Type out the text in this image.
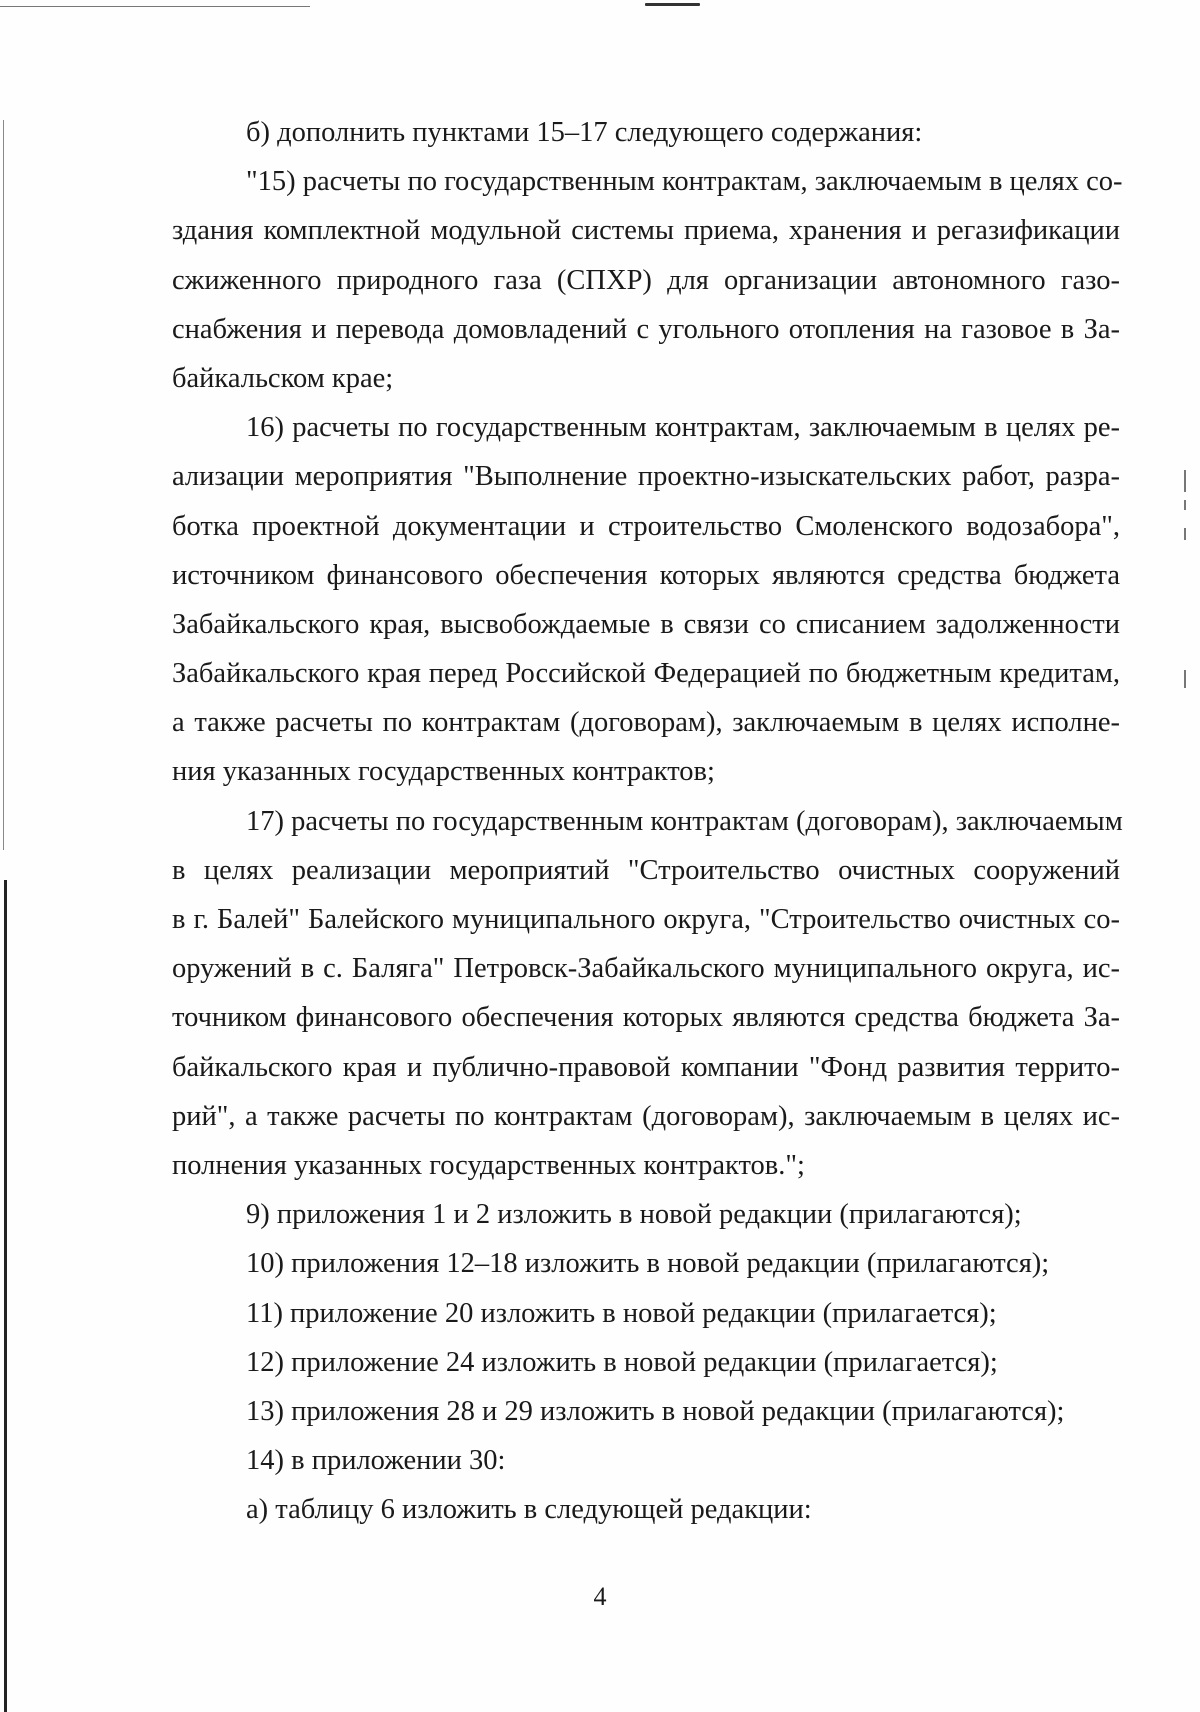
б) дополнить пунктами 15–17 следующего содержания:
"15) расчеты по государственным контрактам, заключаемым в целях со-
здания комплектной модульной системы приема, хранения и регазификации
сжиженного природного газа (СПХР) для организации автономного газо-
снабжения и перевода домовладений с угольного отопления на газовое в За-
байкальском крае;
16) расчеты по государственным контрактам, заключаемым в целях ре-
ализации мероприятия "Выполнение проектно-изыскательских работ, разра-
ботка проектной документации и строительство Смоленского водозабора",
источником финансового обеспечения которых являются средства бюджета
Забайкальского края, высвобождаемые в связи со списанием задолженности
Забайкальского края перед Российской Федерацией по бюджетным кредитам,
а также расчеты по контрактам (договорам), заключаемым в целях исполне-
ния указанных государственных контрактов;
17) расчеты по государственным контрактам (договорам), заключаемым
в целях реализации мероприятий "Строительство очистных сооружений
в г. Балей" Балейского муниципального округа, "Строительство очистных со-
оружений в с. Баляга" Петровск-Забайкальского муниципального округа, ис-
точником финансового обеспечения которых являются средства бюджета За-
байкальского края и публично-правовой компании "Фонд развития террито-
рий", а также расчеты по контрактам (договорам), заключаемым в целях ис-
полнения указанных государственных контрактов.";
9) приложения 1 и 2 изложить в новой редакции (прилагаются);
10) приложения 12–18 изложить в новой редакции (прилагаются);
11) приложение 20 изложить в новой редакции (прилагается);
12) приложение 24 изложить в новой редакции (прилагается);
13) приложения 28 и 29 изложить в новой редакции (прилагаются);
14) в приложении 30:
а) таблицу 6 изложить в следующей редакции:
4
